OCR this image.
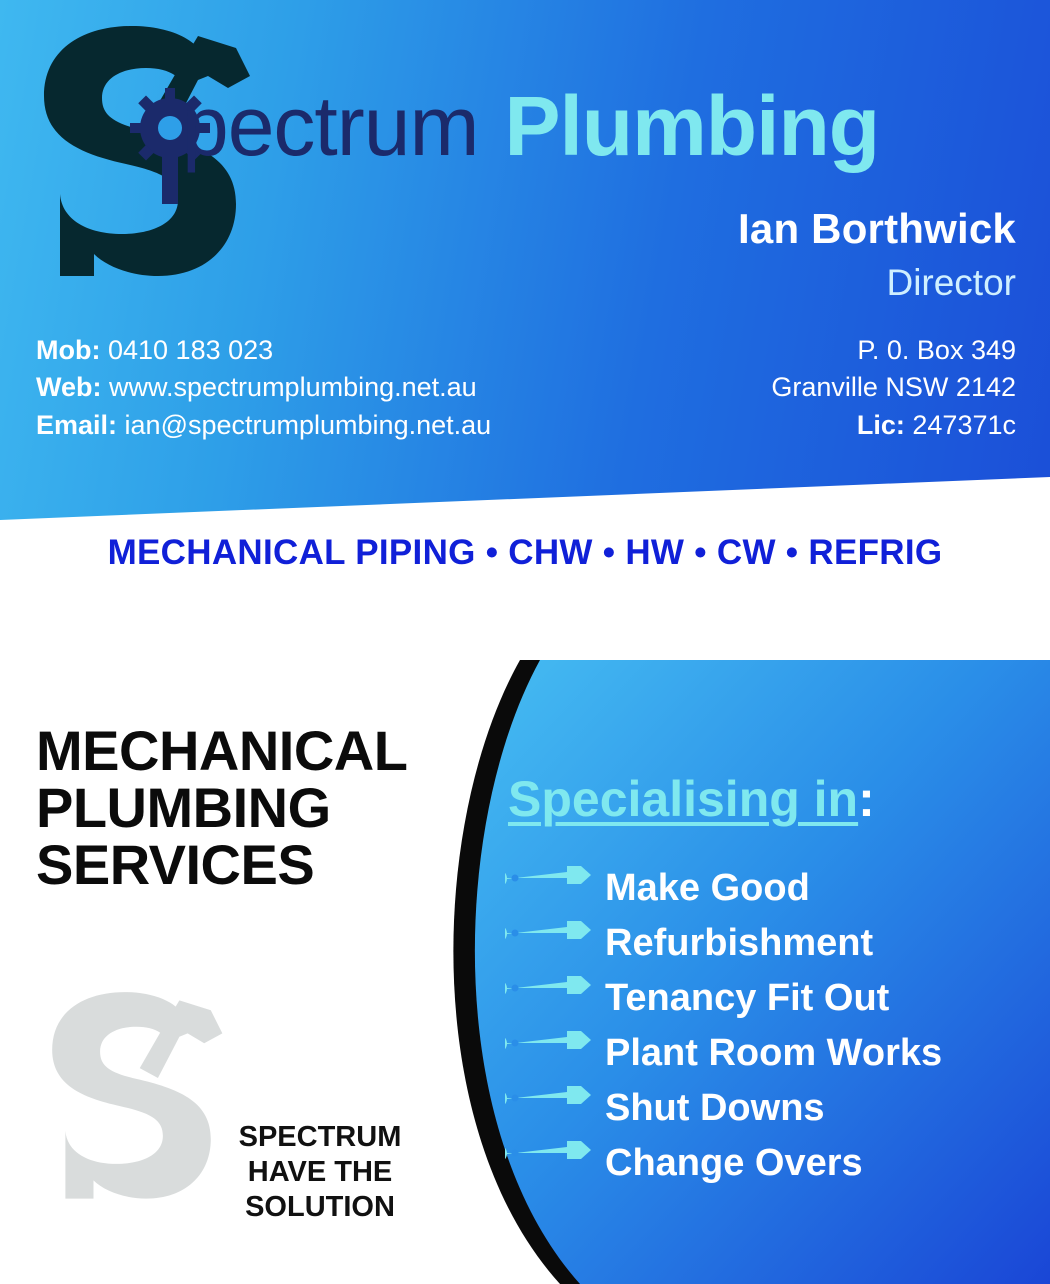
pectrum Plumbing
Ian Borthwick
Director
Mob: 0410 183 023
Web: www.spectrumplumbing.net.au
Email: ian@spectrumplumbing.net.au
P. 0. Box 349
Granville NSW 2142
Lic: 247371c
MECHANICAL PIPING • CHW • HW • CW • REFRIG
MECHANICAL
PLUMBING
SERVICES
SPECTRUM
HAVE THE
SOLUTION
Specialising in:
Make Good
Refurbishment
Tenancy Fit Out
Plant Room Works
Shut Downs
Change Overs
